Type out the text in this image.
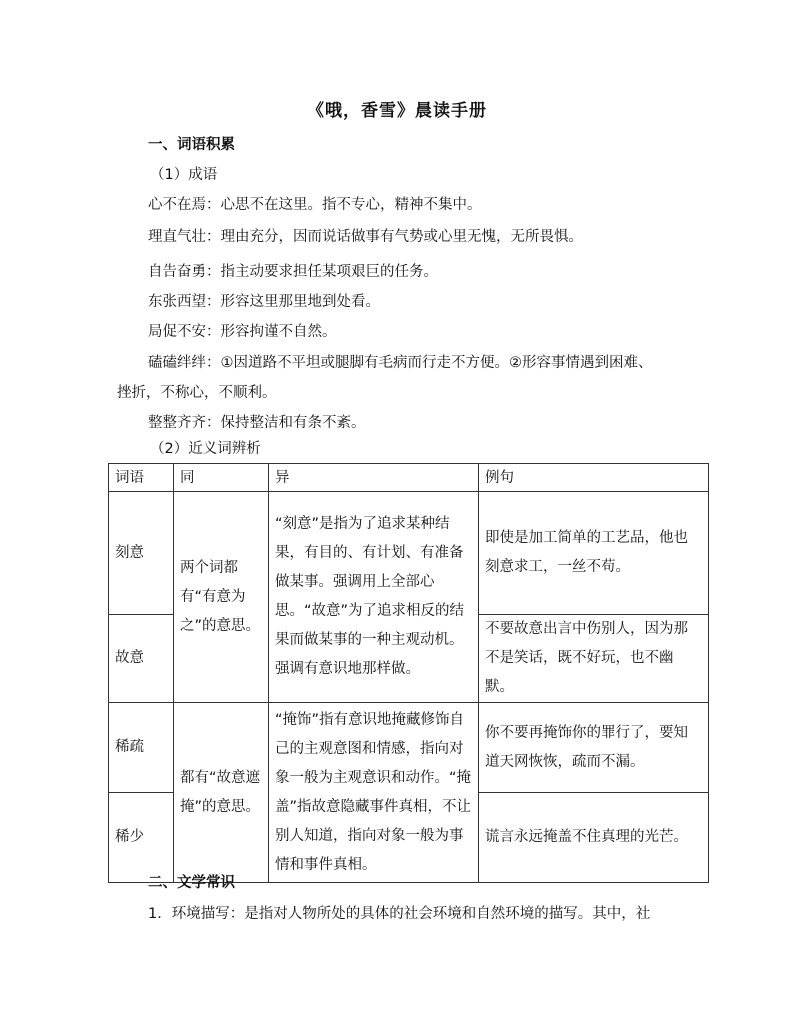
《哦，香雪》晨读手册
一、词语积累
（1）成语
心不在焉：心思不在这里。指不专心，精神不集中。
理直气壮：理由充分，因而说话做事有气势或心里无愧，无所畏惧。
自告奋勇：指主动要求担任某项艰巨的任务。
东张西望：形容这里那里地到处看。
局促不安：形容拘谨不自然。
磕磕绊绊：①因道路不平坦或腿脚有毛病而行走不方便。②形容事情遇到困难、
挫折，不称心，不顺利。
整整齐齐：保持整洁和有条不紊。
（2）近义词辨析
词语	同	异	例句
刻意	两个词都有“有意为之”的意思。	“刻意”是指为了追求某种结果，有目的、有计划、有准备做某事。强调用上全部心思。“故意”为了追求相反的结果而做某事的一种主观动机。强调有意识地那样做。	即使是加工简单的工艺品，他也刻意求工，一丝不苟。
故意			不要故意出言中伤别人，因为那不是笑话，既不好玩，也不幽默。
稀疏	都有“故意遮掩”的意思。	“掩饰”指有意识地掩藏修饰自己的主观意图和情感，指向对象一般为主观意识和动作。“掩盖”指故意隐藏事件真相，不让别人知道，指向对象一般为事情和事件真相。	你不要再掩饰你的罪行了，要知道天网恢恢，疏而不漏。
稀少			谎言永远掩盖不住真理的光芒。
二、文学常识
1．环境描写：是指对人物所处的具体的社会环境和自然环境的描写。其中，社
